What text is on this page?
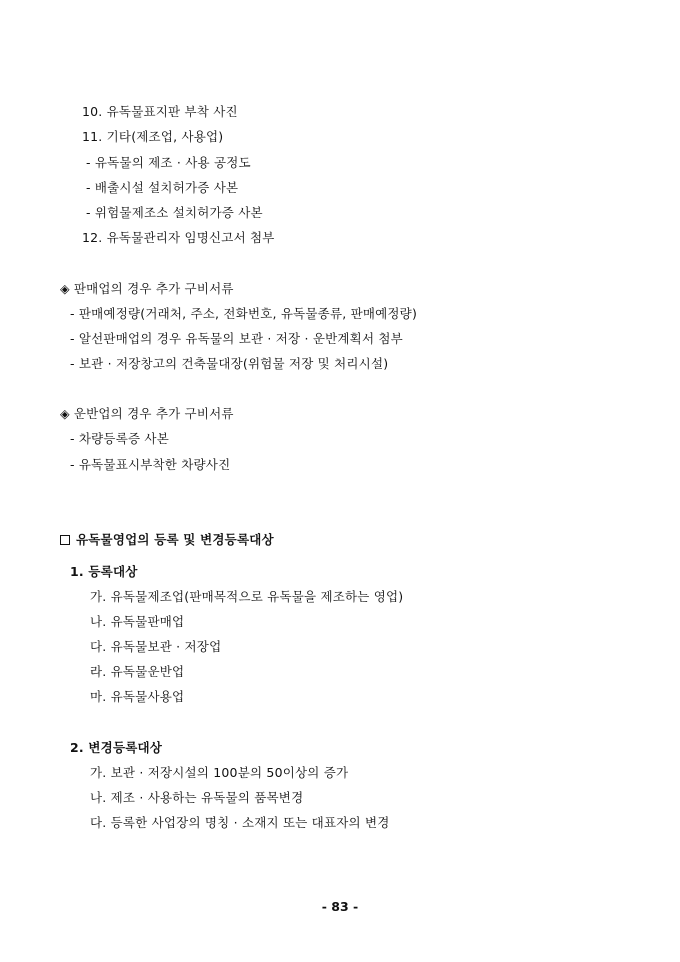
10. 유독물표지판 부착 사진
11. 기타(제조업, 사용업)
- 유독물의 제조 · 사용 공정도
- 배출시설 설치허가증 사본
- 위험물제조소 설치허가증 사본
12. 유독물관리자 임명신고서 첨부
◈ 판매업의 경우 추가 구비서류
- 판매예정량(거래처, 주소, 전화번호, 유독물종류, 판매예정량)
- 알선판매업의 경우 유독물의 보관 · 저장 · 운반계획서 첨부
- 보관 · 저장창고의 건축물대장(위험물 저장 및 처리시설)
◈ 운반업의 경우 추가 구비서류
- 차량등록증 사본
- 유독물표시부착한 차량사진
유독물영업의 등록 및 변경등록대상
1. 등록대상
가. 유독물제조업(판매목적으로 유독물을 제조하는 영업)
나. 유독물판매업
다. 유독물보관 · 저장업
라. 유독물운반업
마. 유독물사용업
2. 변경등록대상
가. 보관 · 저장시설의 100분의 50이상의 증가
나. 제조 · 사용하는 유독물의 품목변경
다. 등록한 사업장의 명칭 · 소재지 또는 대표자의 변경
- 83 -
